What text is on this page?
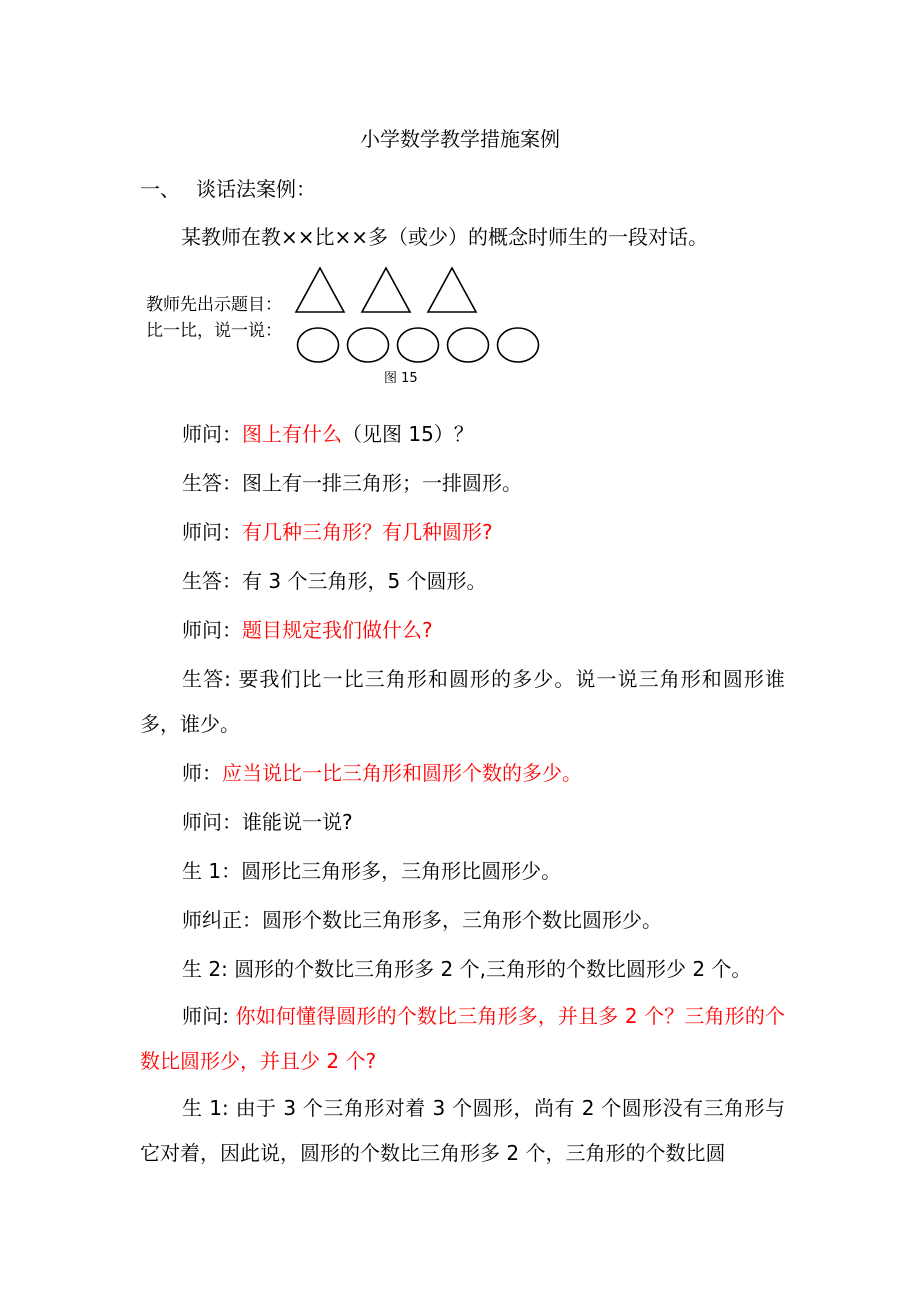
小学数学教学措施案例
一、 谈话法案例：
某教师在教××比××多（或少）的概念时师生的一段对话。
教师先出示题目：
比一比，说一说：
图 15

师问：图上有什么（见图 15）？

生答：图上有一排三角形；一排圆形。

师问：有几种三角形？有几种圆形?

生答：有 3 个三角形，5 个圆形。

师问：题目规定我们做什么?

生答: 要我们比一比三角形和圆形的多少。说一说三角形和圆形谁多，谁少。

师：应当说比一比三角形和圆形个数的多少。

师问：谁能说一说?

生 1：圆形比三角形多，三角形比圆形少。

师纠正：圆形个数比三角形多，三角形个数比圆形少。

生 2: 圆形的个数比三角形多 2 个,三角形的个数比圆形少 2 个。

师问: 你如何懂得圆形的个数比三角形多，并且多 2 个？三角形的个数比圆形少，并且少 2 个?

生 1: 由于 3 个三角形对着 3 个圆形，尚有 2 个圆形没有三角形与它对着，因此说，圆形的个数比三角形多 2 个，三角形的个数比圆
